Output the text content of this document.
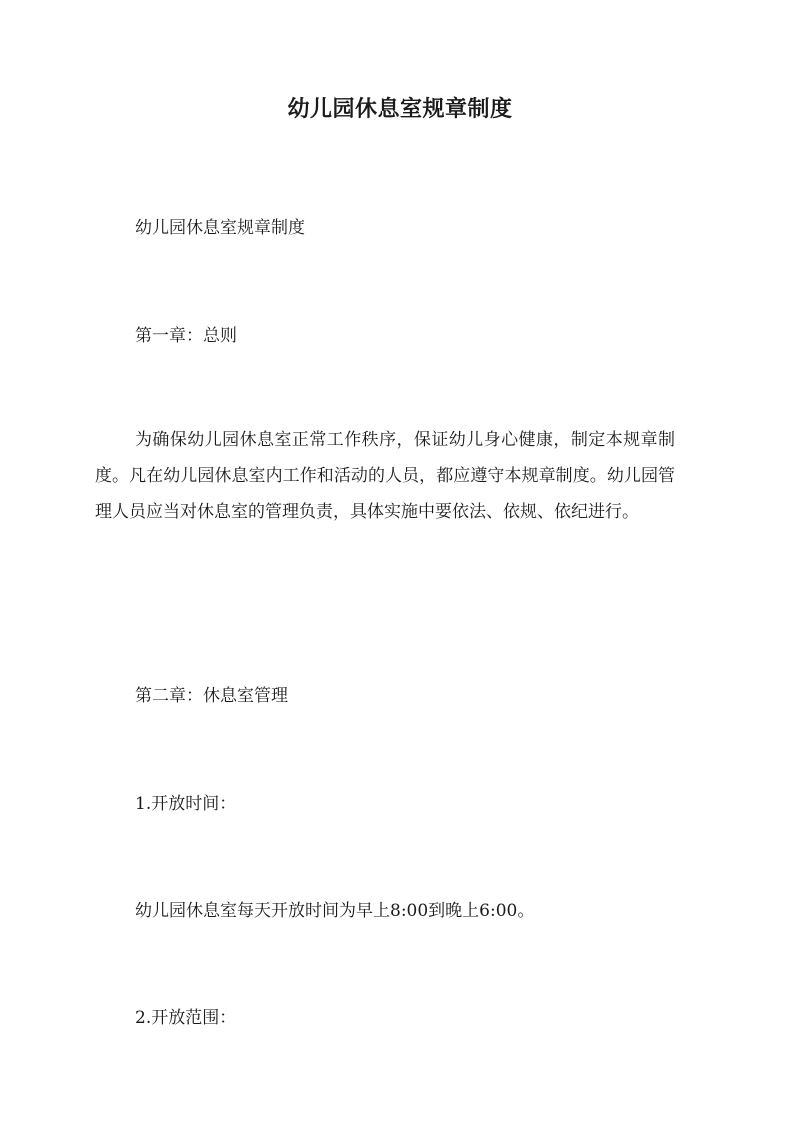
幼儿园休息室规章制度

幼儿园休息室规章制度

第一章：总则

为确保幼儿园休息室正常工作秩序，保证幼儿身心健康，制定本规章制度。凡在幼儿园休息室内工作和活动的人员，都应遵守本规章制度。幼儿园管理人员应当对休息室的管理负责，具体实施中要依法、依规、依纪进行。

第二章：休息室管理

1.开放时间：

幼儿园休息室每天开放时间为早上8:00到晚上6:00。

2.开放范围：
